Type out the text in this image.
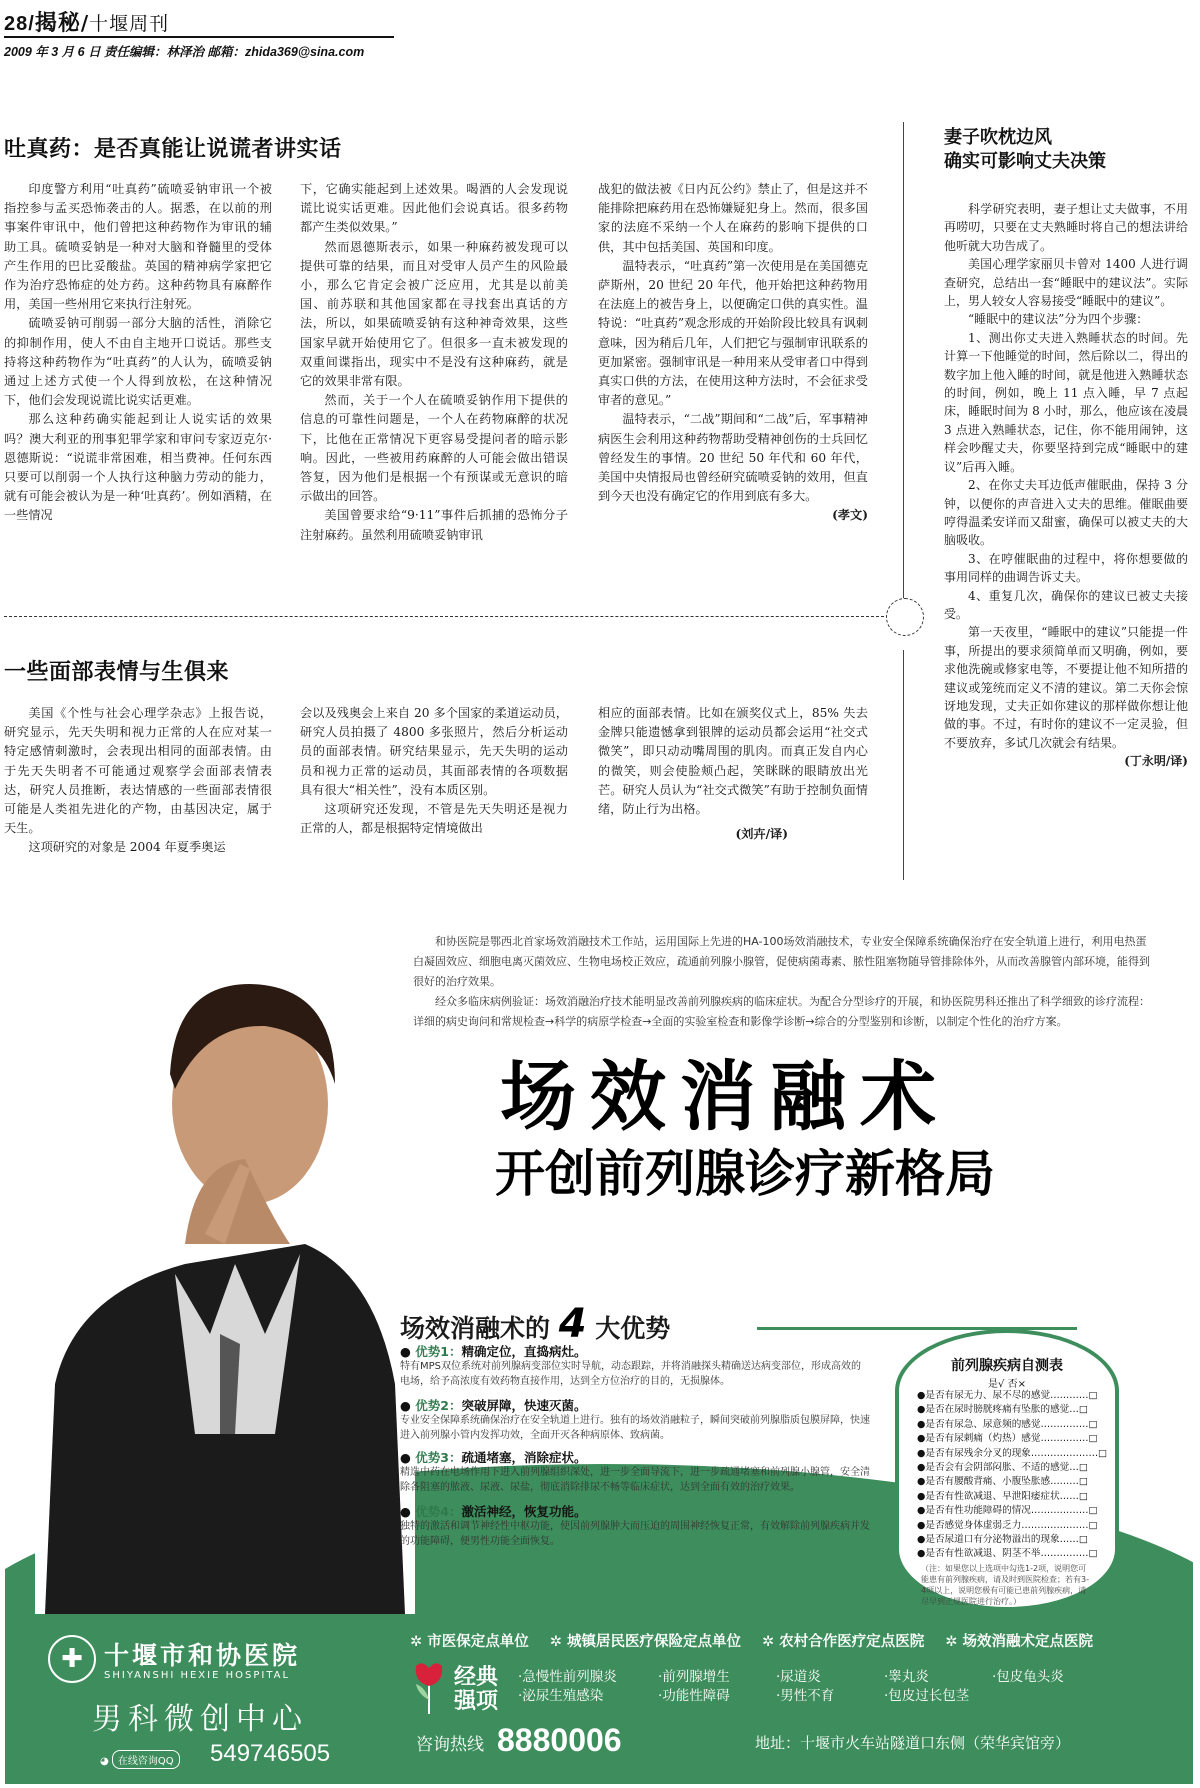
28/揭秘/十堰周刊
2009 年 3 月 6 日 责任编辑：林泽治 邮箱：zhida369@sina.com
吐真药：是否真能让说谎者讲实话

印度警方利用“吐真药”硫喷妥钠审讯一个被指控参与孟买恐怖袭击的人。据悉，在以前的刑事案件审讯中，他们曾把这种药物作为审讯的辅助工具。硫喷妥钠是一种对大脑和脊髓里的受体产生作用的巴比妥酸盐。英国的精神病学家把它作为治疗恐怖症的处方药。这种药物具有麻醉作用，美国一些州用它来执行注射死。

硫喷妥钠可削弱一部分大脑的活性，消除它的抑制作用，使人不由自主地开口说话。那些支持将这种药物作为“吐真药”的人认为，硫喷妥钠通过上述方式使一个人得到放松，在这种情况下，他们会发现说谎比说实话更难。

那么这种药确实能起到让人说实话的效果吗？澳大利亚的刑事犯罪学家和审问专家迈克尔·恩德斯说：“说谎非常困难，相当费神。任何东西只要可以削弱一个人执行这种脑力劳动的能力，就有可能会被认为是一种‘吐真药’。例如酒精，在一些情况

下，它确实能起到上述效果。喝酒的人会发现说谎比说实话更难。因此他们会说真话。很多药物都产生类似效果。”

然而恩德斯表示，如果一种麻药被发现可以提供可靠的结果，而且对受审人员产生的风险最小，那么它肯定会被广泛应用，尤其是以前美国、前苏联和其他国家都在寻找套出真话的方法，所以，如果硫喷妥钠有这种神奇效果，这些国家早就开始使用它了。但很多一直未被发现的双重间谍指出，现实中不是没有这种麻药，就是它的效果非常有限。

然而，关于一个人在硫喷妥钠作用下提供的信息的可靠性问题是，一个人在药物麻醉的状况下，比他在正常情况下更容易受提问者的暗示影响。因此，一些被用药麻醉的人可能会做出错误答复，因为他们是根据一个有预谋或无意识的暗示做出的回答。

美国曾要求给“9·11”事件后抓捕的恐怖分子注射麻药。虽然利用硫喷妥钠审讯

战犯的做法被《日内瓦公约》禁止了，但是这并不能排除把麻药用在恐怖嫌疑犯身上。然而，很多国家的法庭不采纳一个人在麻药的影响下提供的口供，其中包括美国、英国和印度。

温特表示，“吐真药”第一次使用是在美国德克萨斯州，20 世纪 20 年代，他开始把这种药物用在法庭上的被告身上，以便确定口供的真实性。温特说：“吐真药”观念形成的开始阶段比较具有讽刺意味，因为稍后几年，人们把它与强制审讯联系的更加紧密。强制审讯是一种用来从受审者口中得到真实口供的方法，在使用这种方法时，不会征求受审者的意见。”

温特表示，“二战”期间和“二战”后，军事精神病医生会利用这种药物帮助受精神创伤的士兵回忆曾经发生的事情。20 世纪 50 年代和 60 年代，美国中央情报局也曾经研究硫喷妥钠的效用，但直到今天也没有确定它的作用到底有多大。

(孝文)
一些面部表情与生俱来

美国《个性与社会心理学杂志》上报告说，研究显示，先天失明和视力正常的人在应对某一特定感情刺激时，会表现出相同的面部表情。由于先天失明者不可能通过观察学会面部表情表达，研究人员推断，表达情感的一些面部表情很可能是人类祖先进化的产物，由基因决定，属于天生。

这项研究的对象是 2004 年夏季奥运

会以及残奥会上来自 20 多个国家的柔道运动员，研究人员拍摄了 4800 多张照片，然后分析运动员的面部表情。研究结果显示，先天失明的运动员和视力正常的运动员，其面部表情的各项数据具有很大“相关性”，没有本质区别。

这项研究还发现，不管是先天失明还是视力正常的人，都是根据特定情境做出

相应的面部表情。比如在颁奖仪式上，85% 失去金牌只能遗憾拿到银牌的运动员都会运用“社交式微笑”，即只动动嘴周围的肌肉。而真正发自内心的微笑，则会使脸颊凸起，笑眯眯的眼睛放出光芒。研究人员认为“社交式微笑”有助于控制负面情绪，防止行为出格。

(刘卉/译)
妻子吹枕边风
确实可影响丈夫决策

科学研究表明，妻子想让丈夫做事，不用再唠叨，只要在丈夫熟睡时将自己的想法讲给他听就大功告成了。

美国心理学家丽贝卡曾对 1400 人进行调查研究，总结出一套“睡眠中的建议法”。实际上，男人较女人容易接受“睡眠中的建议”。

“睡眠中的建议法”分为四个步骤：

1、测出你丈夫进入熟睡状态的时间。先计算一下他睡觉的时间，然后除以二，得出的数字加上他入睡的时间，就是他进入熟睡状态的时间，例如，晚上 11 点入睡，早 7 点起床，睡眠时间为 8 小时，那么，他应该在凌晨 3 点进入熟睡状态，记住，你不能用闹钟，这样会吵醒丈夫，你要坚持到完成“睡眠中的建议”后再入睡。

2、在你丈夫耳边低声催眠曲，保持 3 分钟，以便你的声音进入丈夫的思维。催眠曲要哼得温柔安详而又甜蜜，确保可以被丈夫的大脑吸收。

3、在哼催眠曲的过程中，将你想要做的事用同样的曲调告诉丈夫。

4、重复几次，确保你的建议已被丈夫接受。

第一天夜里，“睡眠中的建议”只能提一件事，所提出的要求须简单而又明确，例如，要求他洗碗或修家电等，不要提让他不知所措的建议或笼统而定义不清的建议。第二天你会惊讶地发现，丈夫正如你建议的那样做你想让他做的事。不过，有时你的建议不一定灵验，但不要放弃，多试几次就会有结果。

(丁永明/译)

和协医院是鄂西北首家场效消融技术工作站，运用国际上先进的HA-100场效消融技术，专业安全保障系统确保治疗在安全轨道上进行，利用电热蛋白凝固效应、细胞电离灭菌效应、生物电场校正效应，疏通前列腺小腺管，促使病菌毒素、脓性阻塞物随导管排除体外，从而改善腺管内部环境，能得到很好的治疗效果。

经众多临床病例验证：场效消融治疗技术能明显改善前列腺疾病的临床症状。为配合分型诊疗的开展，和协医院男科还推出了科学细致的诊疗流程：详细的病史询问和常规检查→科学的病原学检查→全面的实验室检查和影像学诊断→综合的分型鉴别和诊断，以制定个性化的治疗方案。

场效消融术
开创前列腺诊疗新格局
场效消融术的 4 大优势
● 优势1：精确定位，直捣病灶。
特有MPS双位系统对前列腺病变部位实时导航，动态跟踪，并将消融探头精确送达病变部位，形成高效的电场，给予高浓度有效药物直接作用，达到全方位治疗的目的，无损腺体。
● 优势2：突破屏障，快速灭菌。
专业安全保障系统确保治疗在安全轨道上进行。独有的场效消融粒子，瞬间突破前列腺脂质包膜屏障，快速进入前列腺小管内发挥功效，全面开灭各种病原体、致病菌。
● 优势3：疏通堵塞，消除症状。
精选中药在电场作用下进入前列腺组织深处，进一步全面导流下，进一步疏通堵塞和前列腺小腺管，安全清除各阻塞的脓液、尿液、尿盐，彻底消除排尿不畅等临床症状，达到全面有效的治疗效果。
● 优势4：激活神经，恢复功能。
独特的激活和调节神经性中枢功能，使因前列腺肿大而压迫的周围神经恢复正常，有效解除前列腺疾病并发的功能障碍，便男性功能全面恢复。
前列腺疾病自测表
是√ 否×
●是否有尿无力、尿不尽的感觉…………□
●是否在尿时膀胱疼痛有坠胀的感觉…□
●是否有尿急、尿意频的感觉……………□
●是否有尿刺痛（灼热）感觉……………□
●是否有尿残余分叉的现象…………………□
●是否会有会阴部闷胀、不适的感觉…□
●是否有腰酸背痛、小腹坠胀感………□
●是否有性欲减退、早泄阳痿症状……□
●是否有性功能障碍的情况………………□
●是否感觉身体虚弱乏力…………………□
●是否尿道口有分泌物溢出的现象……□
●是否有性欲减退、阴茎不举……………□
（注：如果您以上选项中勾选1-2项，说明您可能患有前列腺疾病，请及时到医院检查；若有3-4项以上，说明您极有可能已患前列腺疾病，请尽早到正规医院进行治疗。）
✚ 十堰市和协医院
SHIYANSHI HEXIE HOSPITAL
男科微创中心
◕ 在线咨询QQ 549746505
✲ 市医保定点单位 ✲ 城镇居民医疗保险定点单位 ✲ 农村合作医疗定点医院 ✲ 场效消融术定点医院
经典
强项
·急慢性前列腺炎	·前列腺增生	·尿道炎	·睾丸炎	·包皮龟头炎
·泌尿生殖感染	·功能性障碍	·男性不育	·包皮过长包茎
咨询热线 8880006	地址：十堰市火车站隧道口东侧（荣华宾馆旁）
